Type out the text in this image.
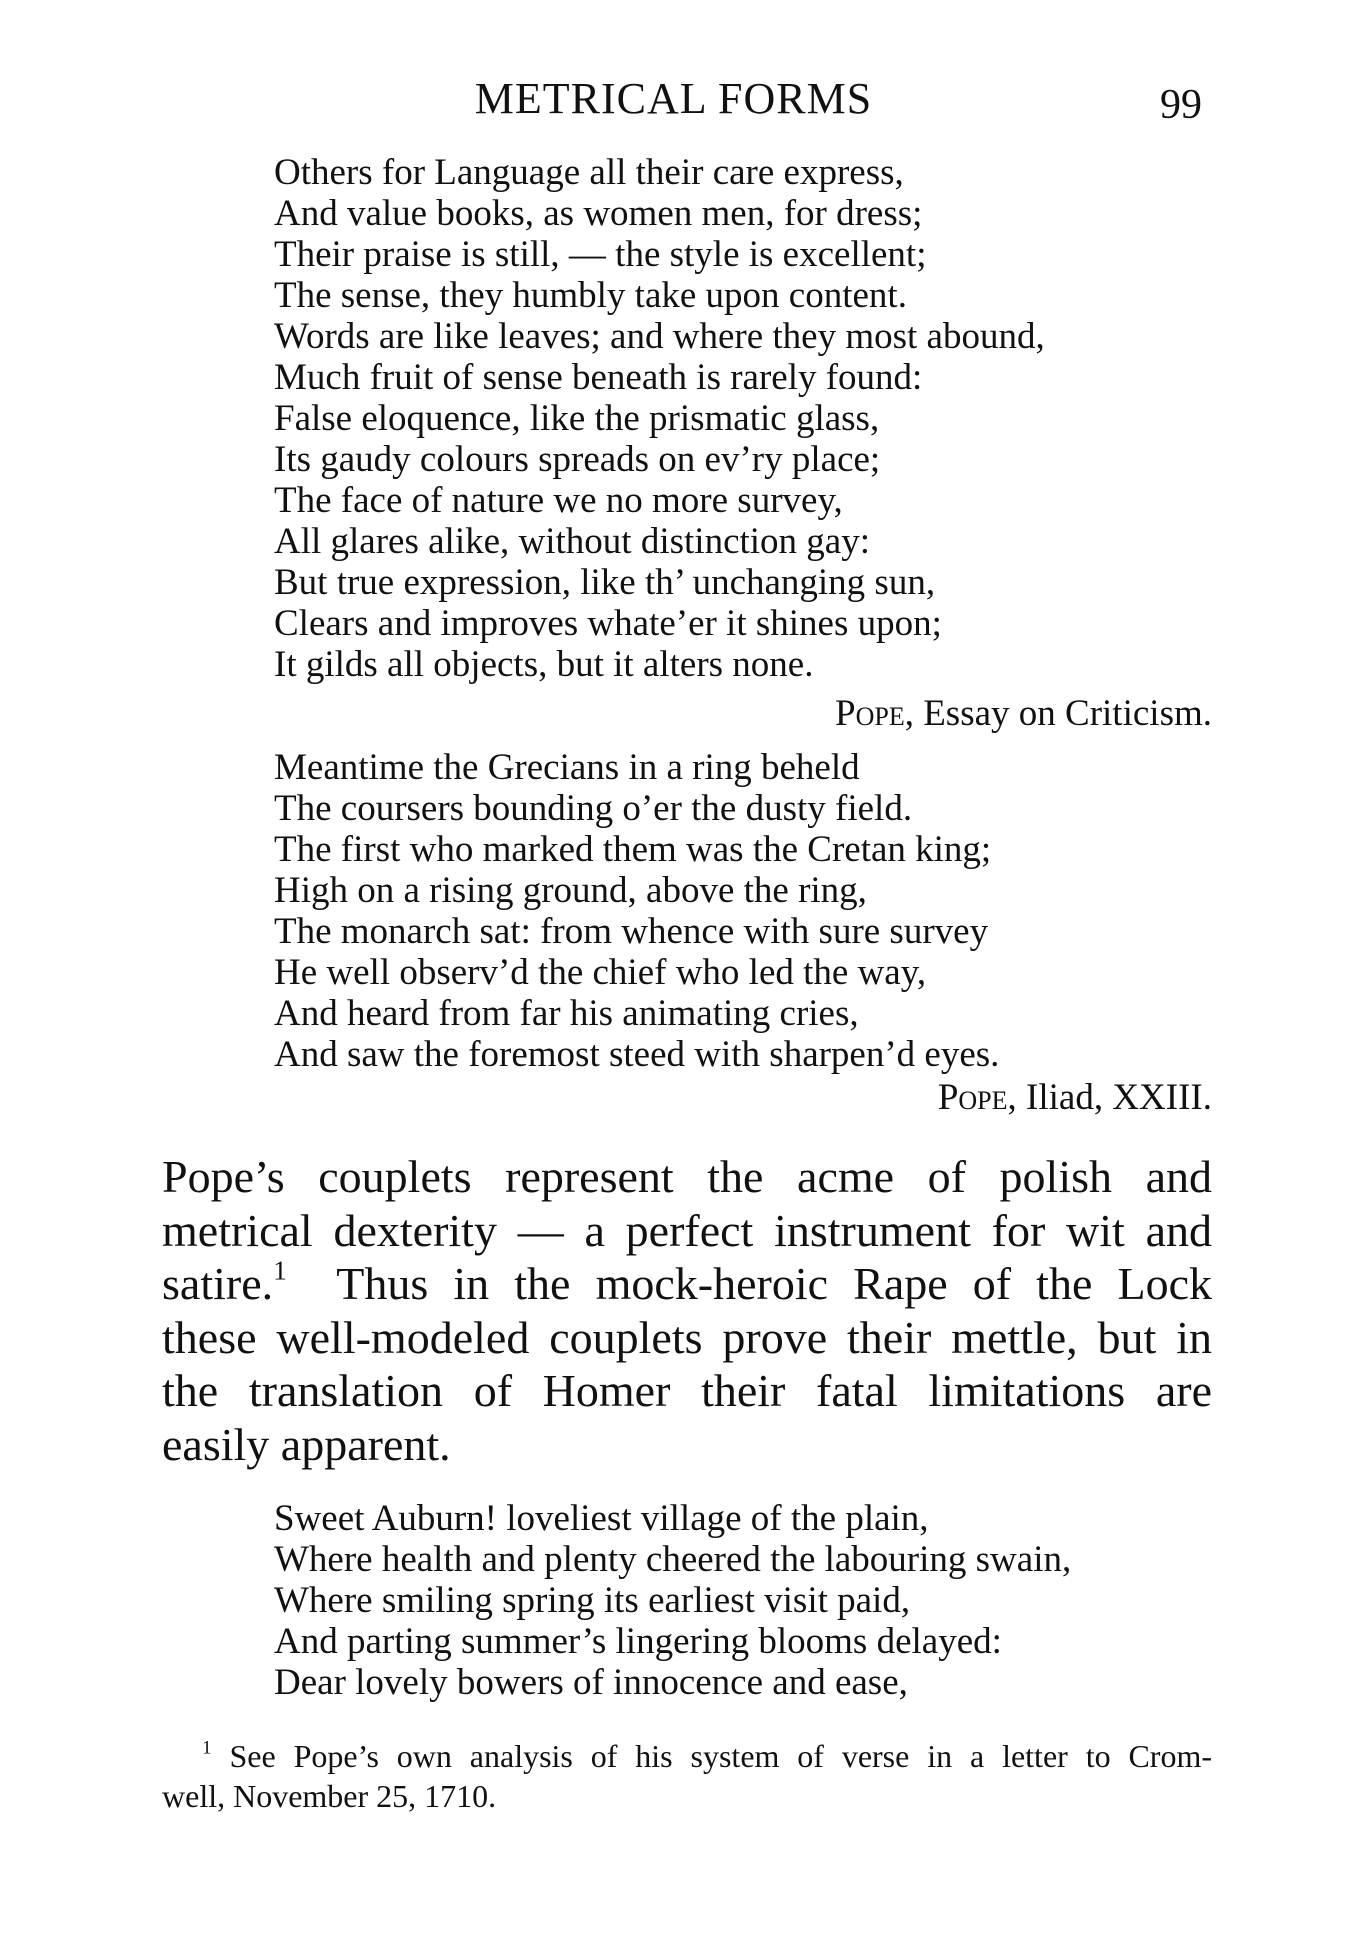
METRICAL FORMS	99
Others for Language all their care express,
And value books, as women men, for dress;
Their praise is still, — the style is excellent;
The sense, they humbly take upon content.
Words are like leaves; and where they most abound,
Much fruit of sense beneath is rarely found:
False eloquence, like the prismatic glass,
Its gaudy colours spreads on ev’ry place;
The face of nature we no more survey,
All glares alike, without distinction gay:
But true expression, like th’ unchanging sun,
Clears and improves whate’er it shines upon;
It gilds all objects, but it alters none.
Pope, Essay on Criticism.
Meantime the Grecians in a ring beheld
The coursers bounding o’er the dusty field.
The first who marked them was the Cretan king;
High on a rising ground, above the ring,
The monarch sat: from whence with sure survey
He well observ’d the chief who led the way,
And heard from far his animating cries,
And saw the foremost steed with sharpen’d eyes.
Pope, Iliad, XXIII.
Pope’s couplets represent the acme of polish and
metrical dexterity — a perfect instrument for wit and
satire.$^1$ Thus in the mock-heroic Rape of the Lock
these well-modeled couplets prove their mettle, but in
the translation of Homer their fatal limitations are
easily apparent.
Sweet Auburn! loveliest village of the plain,
Where health and plenty cheered the labouring swain,
Where smiling spring its earliest visit paid,
And parting summer’s lingering blooms delayed:
Dear lovely bowers of innocence and ease,
$^1$ See Pope’s own analysis of his system of verse in a letter to Crom-
well, November 25, 1710.
